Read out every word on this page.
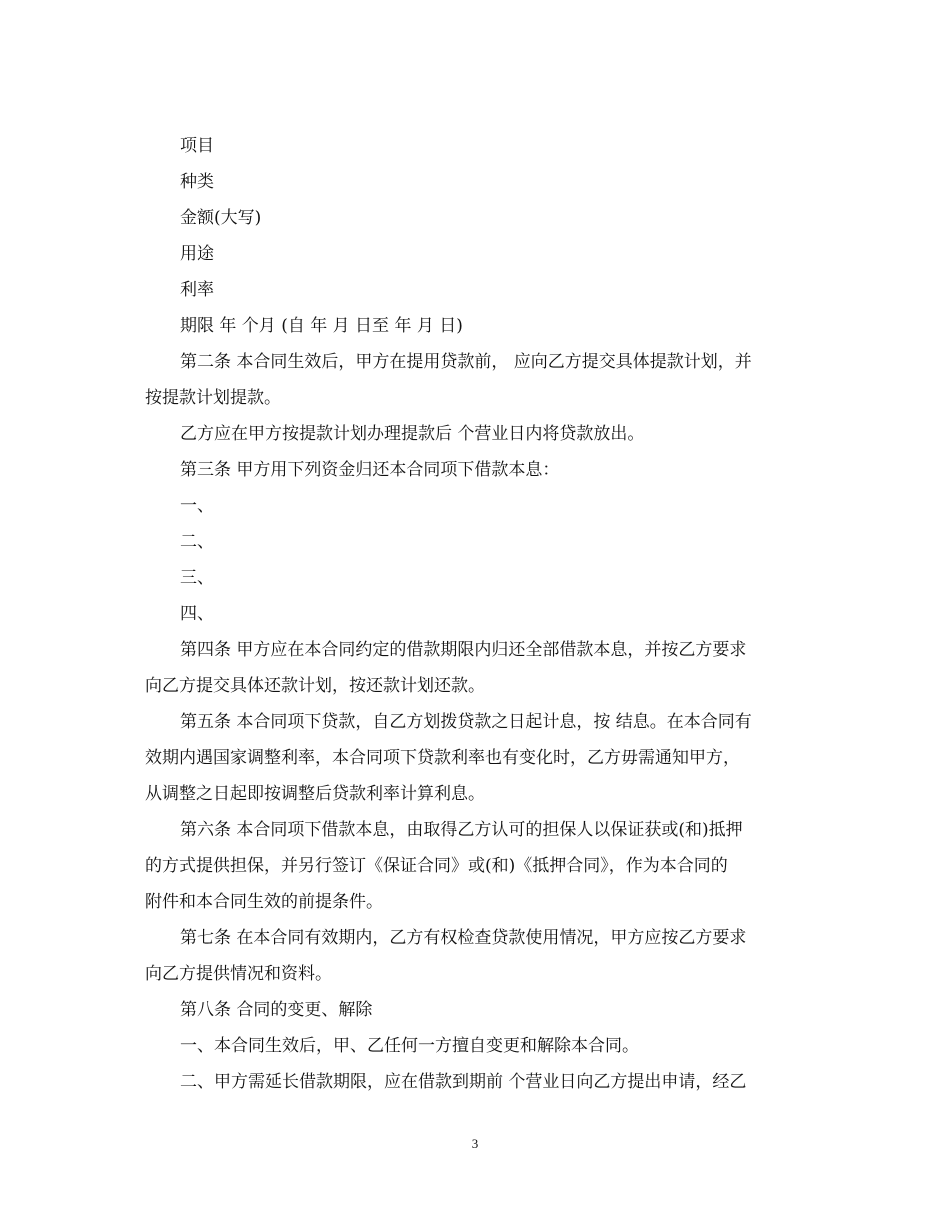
项目
种类
金额(大写)
用途
利率
期限 年 个月 (自 年 月 日至 年 月 日)
第二条 本合同生效后，甲方在提用贷款前， 应向乙方提交具体提款计划，并
按提款计划提款。
乙方应在甲方按提款计划办理提款后 个营业日内将贷款放出。
第三条 甲方用下列资金归还本合同项下借款本息：
一、
二、
三、
四、
第四条 甲方应在本合同约定的借款期限内归还全部借款本息，并按乙方要求
向乙方提交具体还款计划，按还款计划还款。
第五条 本合同项下贷款，自乙方划拨贷款之日起计息，按 结息。在本合同有
效期内遇国家调整利率，本合同项下贷款利率也有变化时，乙方毋需通知甲方，
从调整之日起即按调整后贷款利率计算利息。
第六条 本合同项下借款本息，由取得乙方认可的担保人以保证获或(和)抵押
的方式提供担保，并另行签订《保证合同》或(和)《抵押合同》，作为本合同的
附件和本合同生效的前提条件。
第七条 在本合同有效期内，乙方有权检查贷款使用情况，甲方应按乙方要求
向乙方提供情况和资料。
第八条 合同的变更、解除
一、本合同生效后，甲、乙任何一方擅自变更和解除本合同。
二、甲方需延长借款期限，应在借款到期前 个营业日向乙方提出申请，经乙
3
